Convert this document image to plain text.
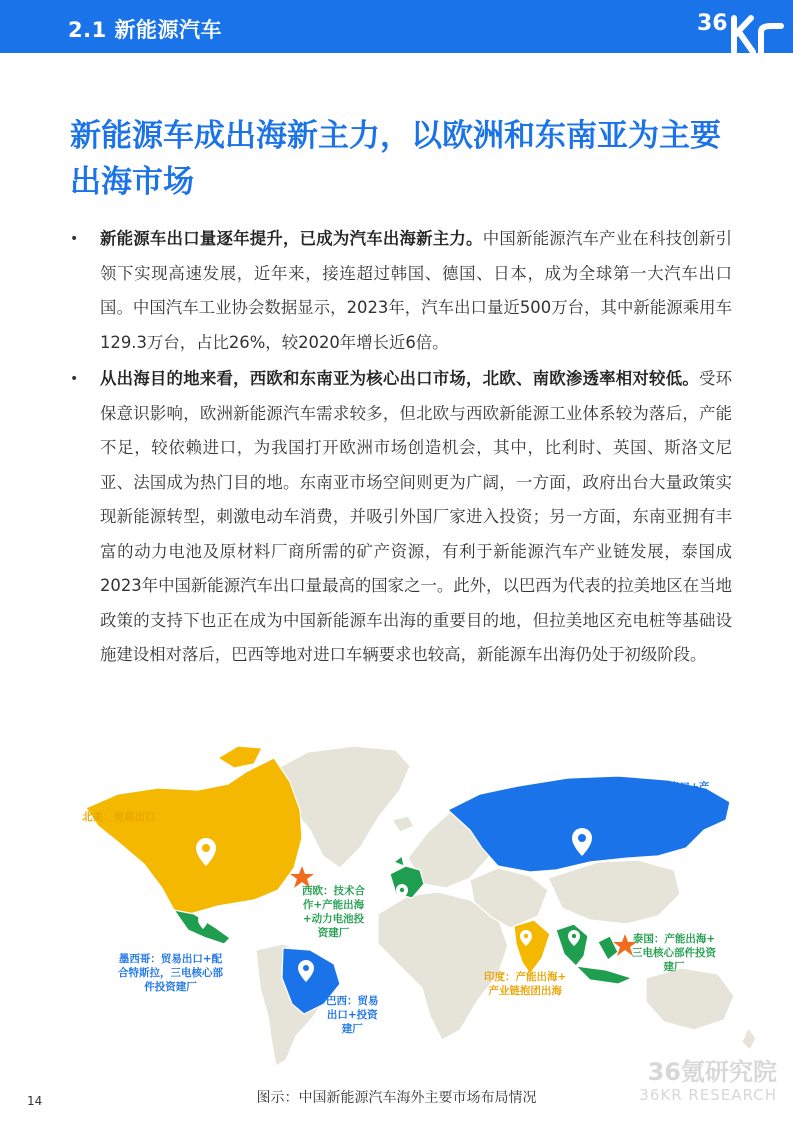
2.1 新能源汽车	36
新能源车成出海新主力，以欧洲和东南亚为主要出海市场
• 新能源车出口量逐年提升，已成为汽车出海新主力。中国新能源汽车产业在科技创新引领下实现高速发展，近年来，接连超过韩国、德国、日本，成为全球第一大汽车出口国。中国汽车工业协会数据显示，2023年，汽车出口量近500万台，其中新能源乘用车129.3万台，占比26%，较2020年增长近6倍。
• 从出海目的地来看，西欧和东南亚为核心出口市场，北欧、南欧渗透率相对较低。受环保意识影响，欧洲新能源汽车需求较多，但北欧与西欧新能源工业体系较为落后，产能不足，较依赖进口，为我国打开欧洲市场创造机会，其中，比利时、英国、斯洛文尼亚、法国成为热门目的地。东南亚市场空间则更为广阔，一方面，政府出台大量政策实现新能源转型，刺激电动车消费，并吸引外国厂家进入投资；另一方面，东南亚拥有丰富的动力电池及原材料厂商所需的矿产资源，有利于新能源汽车产业链发展，泰国成2023年中国新能源汽车出口量最高的国家之一。此外，以巴西为代表的拉美地区在当地政策的支持下也正在成为中国新能源车出海的重要目的地，但拉美地区充电桩等基础设施建设相对落后，巴西等地对进口车辆要求也较高，新能源车出海仍处于初级阶段。
北美：贸易出口
俄罗斯：贸易出口+产
业链协同出海
西欧：技术合
作+产能出海
+动力电池投
资建厂
墨西哥：贸易出口+配
合特斯拉，三电核心部
件投资建厂
泰国：产能出海+
三电核心部件投资
建厂
印度：产能出海+
产业链抱团出海
巴西：贸易
出口+投资
建厂
36氪研究院
36KR RESEARCH
图示：中国新能源汽车海外主要市场布局情况
14
